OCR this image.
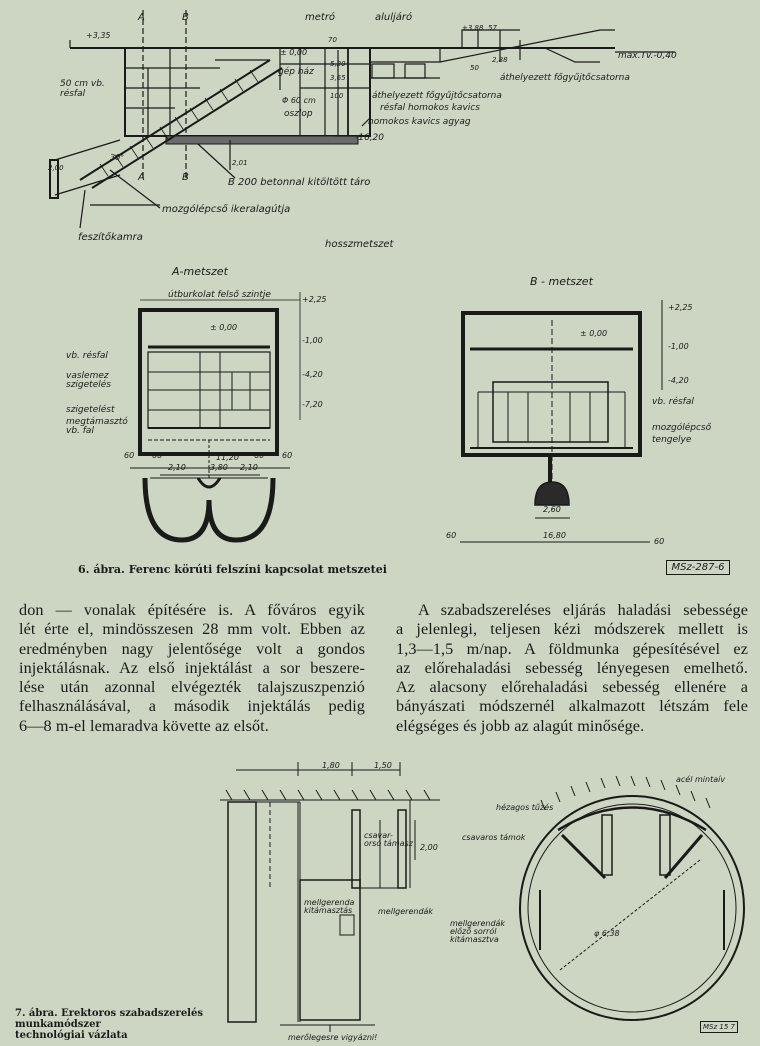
A	B
A	B
+3,35
metró	aluljáró
+3,88 57
± 0,00
70
gép ház
2,88
50
max.Tv.-0,40
áthelyezett főgyűjtőcsatorna
áthelyezett főgyűjtőcsatorna
50 cm vb.
résfal
Φ 60 cm
oszlop
100
3,65
5,20
résfal homokos kavics
homokos kavics agyag
-16,20
2,00
30°
2,01
B 200 betonnal kitöltött tárо
mozgólépcső ikeralagútja
feszítőkamra
hosszmetszet
A-metszet
útburkolat felső szintje	+2,25
± 0,00
-1,00
-4,20
-7,20
vb. résfal
vaslemez
szigetelés
szigetelést
megtámasztó
vb. fal
60 60	11,20 60 60
2,10	3,80 2,10
B - metszet
+2,25
± 0,00
-1,00
-4,20
vb. résfal
mozgólépcső
tengelye
2,60
60	16,80
60
6. ábra. Ferenc körúti felszíni kapcsolat metszetei	MSz-287-6
don — vonalak építésére is. A főváros egyik
lét érte el, mindösszesen 28 mm volt. Ebben az
eredményben nagy jelentősége volt a gondos
injektálásnak. Az első injektálást a sor beszere-
lése után azonnal elvégezték talajszuszpenzió
felhasználásával, a második injektálás pedig
6—8 m-el lemaradva követte az elsőt.
A szabadszereléses eljárás haladási sebessége
a jelenlegi, teljesen kézi módszerek mellett is
1,3—1,5 m/nap. A földmunka gépesítésével ez
az előrehaladási sebesség lényegesen emelhető.
Az alacsony előrehaladási sebesség ellenére a
bányászati módszernél alkalmazott létszám fele
elégséges és jobb az alagút minősége.
1,80	1,50
csavar-
orsó támasz 2,00
mellgerenda
kitámasztás	mellgerendák
merőlegesre vigyázni!
acél mintaív
hézagos tűzés
csavaros támok
mellgerendák
előző sorról
kitámasztva
φ 6,38
7. ábra. Erektoros szabadszerelés
munkamódszer
technológiai vázlata
MSz 15 7
